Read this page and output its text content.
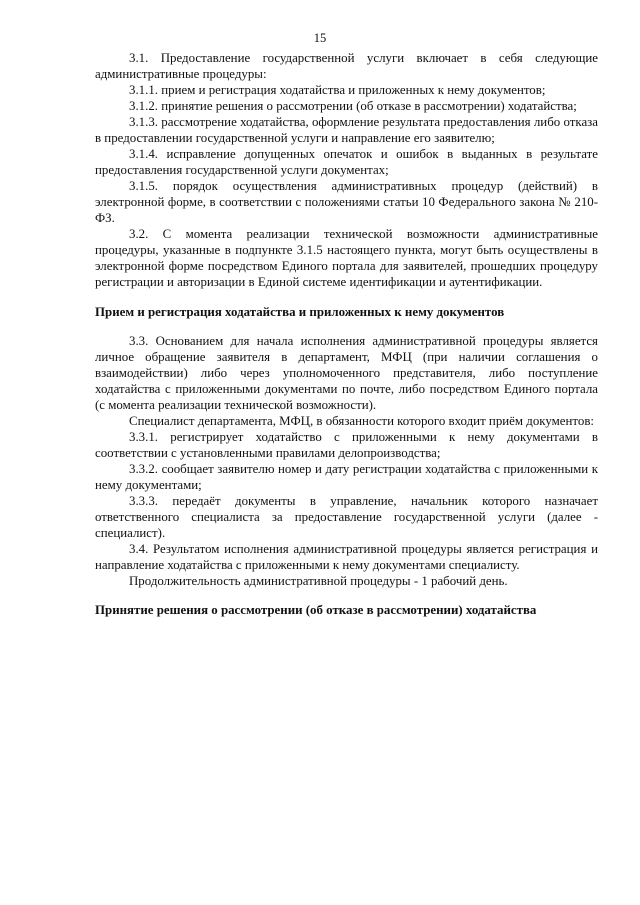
15

3.1. Предоставление государственной услуги включает в себя следующие административные процедуры:

3.1.1. прием и регистрация ходатайства и приложенных к нему документов;

3.1.2. принятие решения о рассмотрении (об отказе в рассмотрении) ходатайства;

3.1.3. рассмотрение ходатайства, оформление результата предоставления либо отказа в предоставлении государственной услуги и направление его заявителю;

3.1.4. исправление допущенных опечаток и ошибок в выданных в результате предоставления государственной услуги документах;

3.1.5. порядок осуществления административных процедур (действий) в электронной форме, в соответствии с положениями статьи 10 Федерального закона № 210-ФЗ.

3.2. С момента реализации технической возможности административные процедуры, указанные в подпункте 3.1.5 настоящего пункта, могут быть осуществлены в электронной форме посредством Единого портала для заявителей, прошедших процедуру регистрации и авторизации в Единой системе идентификации и аутентификации.

Прием и регистрация ходатайства и приложенных к нему документов

3.3. Основанием для начала исполнения административной процедуры является личное обращение заявителя в департамент, МФЦ (при наличии соглашения о взаимодействии) либо через уполномоченного представителя, либо поступление ходатайства с приложенными документами по почте, либо посредством Единого портала (с момента реализации технической возможности).

Специалист департамента, МФЦ, в обязанности которого входит приём документов:

3.3.1. регистрирует ходатайство с приложенными к нему документами в соответствии с установленными правилами делопроизводства;

3.3.2. сообщает заявителю номер и дату регистрации ходатайства с приложенными к нему документами;

3.3.3. передаёт документы в управление, начальник которого назначает ответственного специалиста за предоставление государственной услуги (далее - специалист).

3.4. Результатом исполнения административной процедуры является регистрация и направление ходатайства с приложенными к нему документами специалисту.

Продолжительность административной процедуры - 1 рабочий день.

Принятие решения о рассмотрении (об отказе в рассмотрении) ходатайства
